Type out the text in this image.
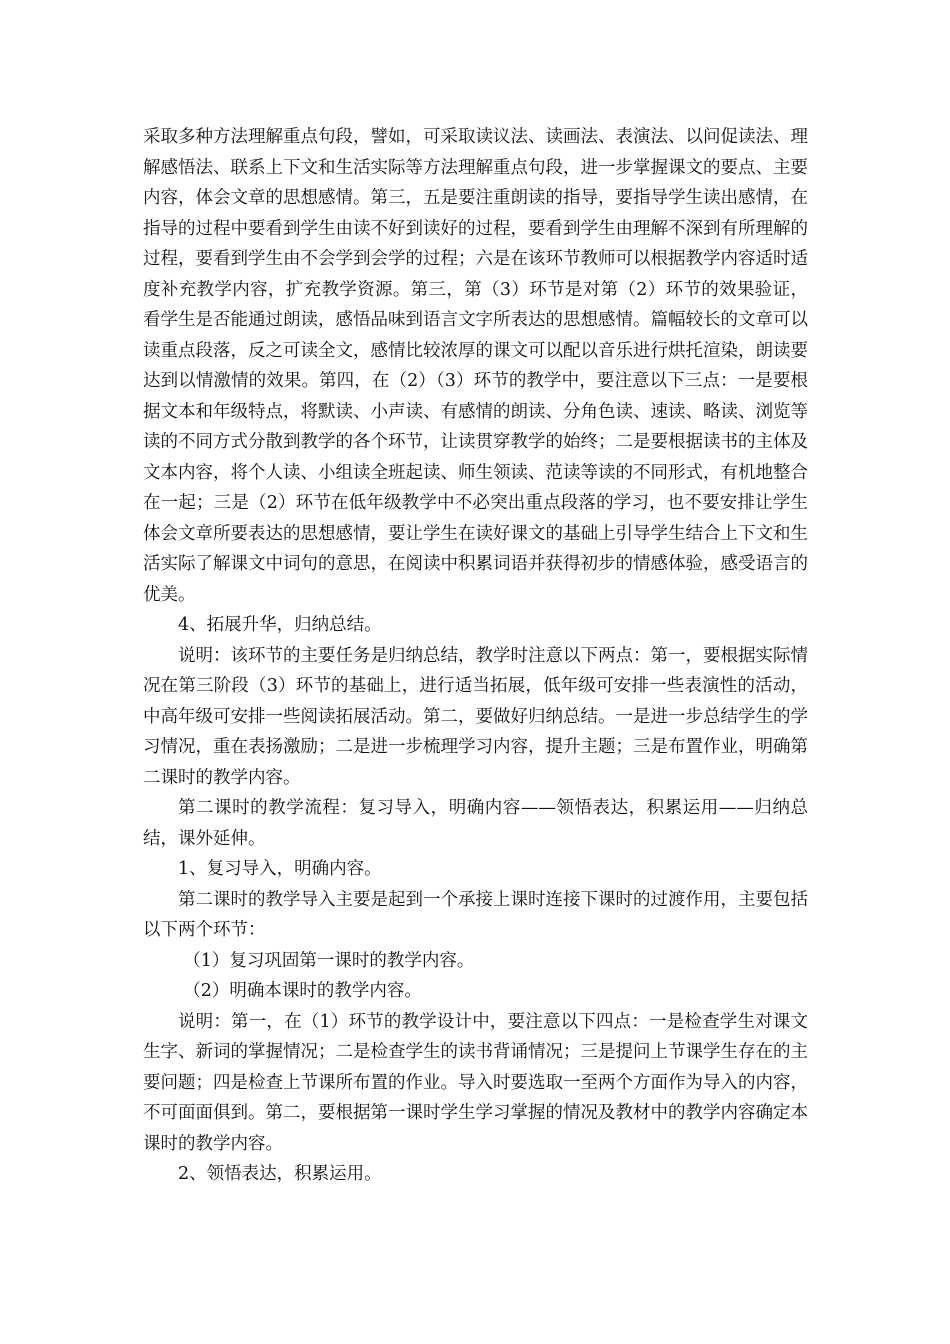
采取多种方法理解重点句段，譬如，可采取读议法、读画法、表演法、以问促读法、理解感悟法、联系上下文和生活实际等方法理解重点句段，进一步掌握课文的要点、主要内容，体会文章的思想感情。第三，五是要注重朗读的指导，要指导学生读出感情，在指导的过程中要看到学生由读不好到读好的过程，要看到学生由理解不深到有所理解的过程，要看到学生由不会学到会学的过程；六是在该环节教师可以根据教学内容适时适度补充教学内容，扩充教学资源。第三，第（3）环节是对第（2）环节的效果验证，看学生是否能通过朗读，感悟品味到语言文字所表达的思想感情。篇幅较长的文章可以读重点段落，反之可读全文，感情比较浓厚的课文可以配以音乐进行烘托渲染，朗读要达到以情激情的效果。第四，在（2）（3）环节的教学中，要注意以下三点：一是要根据文本和年级特点，将默读、小声读、有感情的朗读、分角色读、速读、略读、浏览等读的不同方式分散到教学的各个环节，让读贯穿教学的始终；二是要根据读书的主体及文本内容，将个人读、小组读全班起读、师生领读、范读等读的不同形式，有机地整合在一起；三是（2）环节在低年级教学中不必突出重点段落的学习，也不要安排让学生体会文章所要表达的思想感情，要让学生在读好课文的基础上引导学生结合上下文和生活实际了解课文中词句的意思，在阅读中积累词语并获得初步的情感体验，感受语言的优美。

4、拓展升华，归纳总结。

说明：该环节的主要任务是归纳总结，教学时注意以下两点：第一，要根据实际情况在第三阶段（3）环节的基础上，进行适当拓展，低年级可安排一些表演性的活动，中高年级可安排一些阅读拓展活动。第二，要做好归纳总结。一是进一步总结学生的学习情况，重在表扬激励；二是进一步梳理学习内容，提升主题；三是布置作业，明确第二课时的教学内容。

第二课时的教学流程：复习导入，明确内容——领悟表达，积累运用——归纳总结，课外延伸。

1、复习导入，明确内容。

第二课时的教学导入主要是起到一个承接上课时连接下课时的过渡作用，主要包括以下两个环节：

（1）复习巩固第一课时的教学内容。

（2）明确本课时的教学内容。

说明：第一，在（1）环节的教学设计中，要注意以下四点：一是检查学生对课文生字、新词的掌握情况；二是检查学生的读书背诵情况；三是提问上节课学生存在的主要问题；四是检查上节课所布置的作业。导入时要选取一至两个方面作为导入的内容，不可面面俱到。第二，要根据第一课时学生学习掌握的情况及教材中的教学内容确定本课时的教学内容。

2、领悟表达，积累运用。
